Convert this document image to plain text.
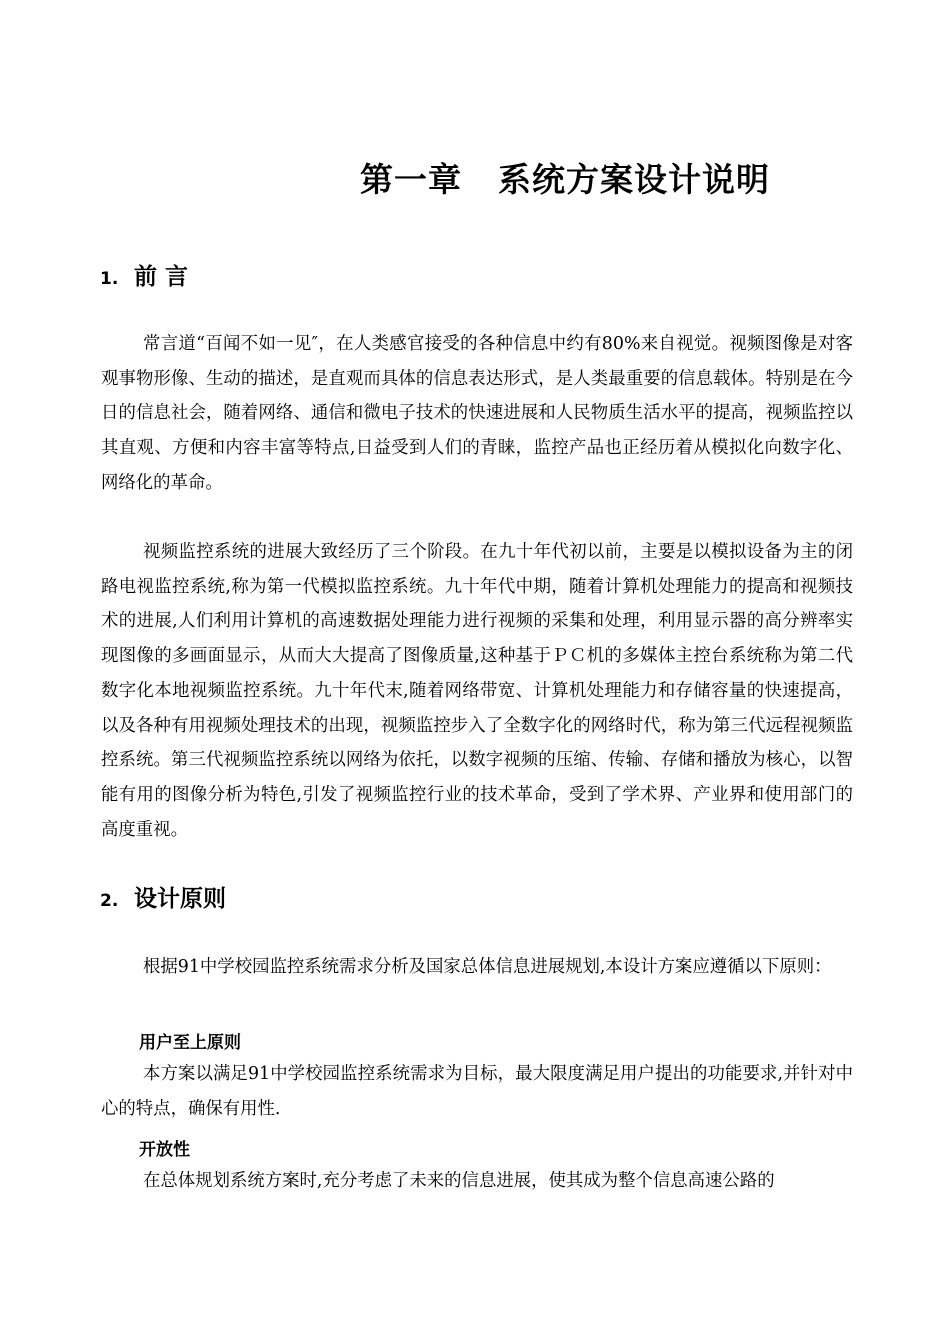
第一章 系统方案设计说明
1. 前 言

常言道“百闻不如一见″，在人类感官接受的各种信息中约有80%来自视觉。视频图像是对客观事物形像、生动的描述，是直观而具体的信息表达形式，是人类最重要的信息载体。特别是在今日的信息社会，随着网络、通信和微电子技术的快速进展和人民物质生活水平的提高，视频监控以其直观、方便和内容丰富等特点,日益受到人们的青睐，监控产品也正经历着从模拟化向数字化、网络化的革命。

视频监控系统的进展大致经历了三个阶段。在九十年代初以前，主要是以模拟设备为主的闭路电视监控系统,称为第一代模拟监控系统。九十年代中期，随着计算机处理能力的提高和视频技术的进展,人们利用计算机的高速数据处理能力进行视频的采集和处理，利用显示器的高分辨率实现图像的多画面显示，从而大大提高了图像质量,这种基于ＰＣ机的多媒体主控台系统称为第二代数字化本地视频监控系统。九十年代末,随着网络带宽、计算机处理能力和存储容量的快速提高，以及各种有用视频处理技术的出现，视频监控步入了全数字化的网络时代，称为第三代远程视频监控系统。第三代视频监控系统以网络为依托，以数字视频的压缩、传输、存储和播放为核心，以智能有用的图像分析为特色,引发了视频监控行业的技术革命，受到了学术界、产业界和使用部门的高度重视。

2. 设计原则

根据91中学校园监控系统需求分析及国家总体信息进展规划,本设计方案应遵循以下原则：

用户至上原则

本方案以满足91中学校园监控系统需求为目标，最大限度满足用户提出的功能要求,并针对中心的特点，确保有用性.

开放性

在总体规划系统方案时,充分考虑了未来的信息进展，使其成为整个信息高速公路的
